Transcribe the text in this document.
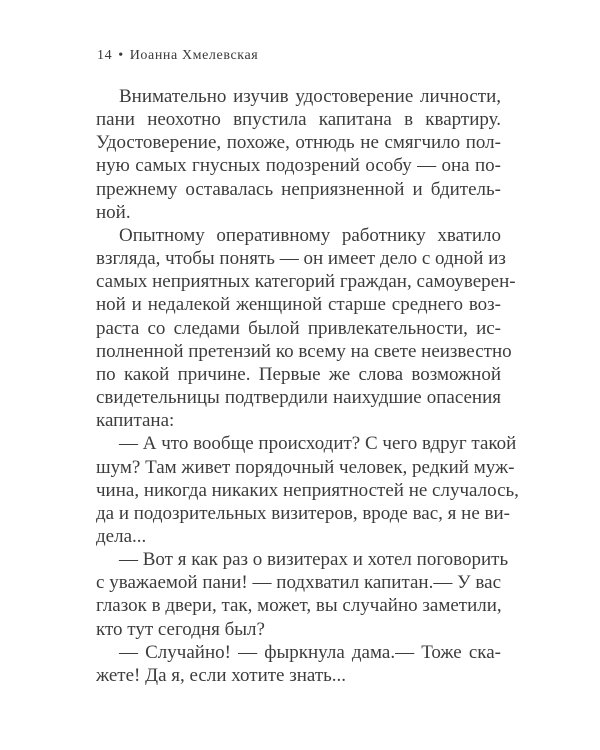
14 • Иоанна Хмелевская
Внимательно изучив удостоверение личности,
пани неохотно впустила капитана в квартиру.
Удостоверение, похоже, отнюдь не смягчило пол-
ную самых гнусных подозрений особу — она по-
прежнему оставалась неприязненной и бдитель-
ной.
Опытному оперативному работнику хватило
взгляда, чтобы понять — он имеет дело с одной из
самых неприятных категорий граждан, самоуверен-
ной и недалекой женщиной старше среднего воз-
раста со следами былой привлекательности, ис-
полненной претензий ко всему на свете неизвестно
по какой причине. Первые же слова возможной
свидетельницы подтвердили наихудшие опасения
капитана:
— А что вообще происходит? С чего вдруг такой
шум? Там живет порядочный человек, редкий муж-
чина, никогда никаких неприятностей не случалось,
да и подозрительных визитеров, вроде вас, я не ви-
дела...
— Вот я как раз о визитерах и хотел поговорить
с уважаемой пани! — подхватил капитан.— У вас
глазок в двери, так, может, вы случайно заметили,
кто тут сегодня был?
— Случайно! — фыркнула дама.— Тоже ска-
жете! Да я, если хотите знать...
